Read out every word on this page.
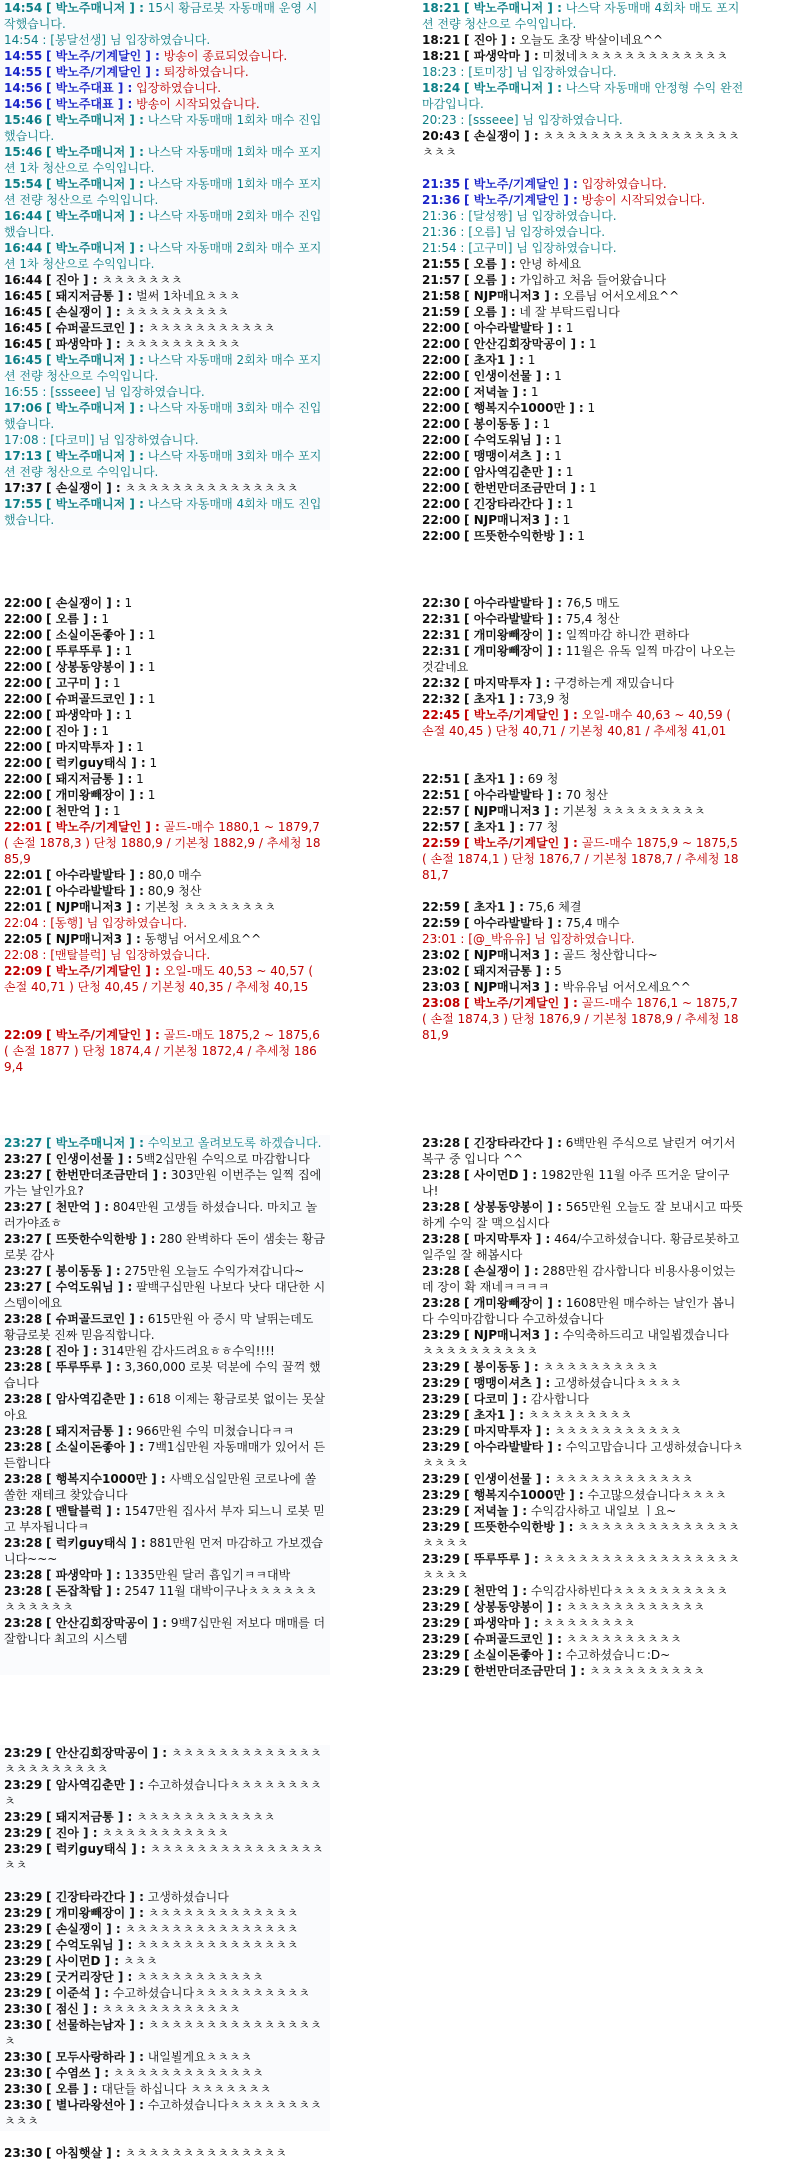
14:54 [ 박노주매니저 ] : 15시 황금로봇 자동매매 운영 시작했습니다.
14:54 : [봉달선생] 님 입장하였습니다.
14:55 [ 박노주/기계달인 ] : 방송이 종료되었습니다.
14:55 [ 박노주/기계달인 ] : 퇴장하였습니다.
14:56 [ 박노주대표 ] : 입장하였습니다.
14:56 [ 박노주대표 ] : 방송이 시작되었습니다.
15:46 [ 박노주매니저 ] : 나스닥 자동매매 1회차 매수 진입했습니다.
15:46 [ 박노주매니저 ] : 나스닥 자동매매 1회차 매수 포지션 1차 청산으로 수익입니다.
15:54 [ 박노주매니저 ] : 나스닥 자동매매 1회차 매수 포지션 전량 청산으로 수익입니다.
16:44 [ 박노주매니저 ] : 나스닥 자동매매 2회차 매수 진입했습니다.
16:44 [ 박노주매니저 ] : 나스닥 자동매매 2회차 매수 포지션 1차 청산으로 수익입니다.
16:44 [ 진아 ] : ㅊㅊㅊㅊㅊㅊㅊ
16:45 [ 돼지저금통 ] : 벌써 1차네요ㅊㅊㅊ
16:45 [ 손실쟁이 ] : ㅊㅊㅊㅊㅊㅊㅊㅊㅊ
16:45 [ 슈퍼골드코인 ] : ㅊㅊㅊㅊㅊㅊㅊㅊㅊㅊㅊ
16:45 [ 파생악마 ] : ㅊㅊㅊㅊㅊㅊㅊㅊㅊㅊ
16:45 [ 박노주매니저 ] : 나스닥 자동매매 2회차 매수 포지션 전량 청산으로 수익입니다.
16:55 : [ssseee] 님 입장하였습니다.
17:06 [ 박노주매니저 ] : 나스닥 자동매매 3회차 매수 진입했습니다.
17:08 : [다코미] 님 입장하였습니다.
17:13 [ 박노주매니저 ] : 나스닥 자동매매 3회차 매수 포지션 전량 청산으로 수익입니다.
17:37 [ 손실쟁이 ] : ㅊㅊㅊㅊㅊㅊㅊㅊㅊㅊㅊㅊㅊㅊㅊ
17:55 [ 박노주매니저 ] : 나스닥 자동매매 4회차 매도 진입했습니다.
18:21 [ 박노주매니저 ] : 나스닥 자동매매 4회차 매도 포지션 전량 청산으로 수익입니다.
18:21 [ 진아 ] : 오늘도 초장 박살이네요^^
18:21 [ 파생악마 ] : 미쳤네ㅊㅊㅊㅊㅊㅊㅊㅊㅊㅊㅊㅊㅊ
18:23 : [토미장] 님 입장하였습니다.
18:24 [ 박노주매니저 ] : 나스닥 자동매매 안정형 수익 완전마감입니다.
20:23 : [ssseee] 님 입장하였습니다.
20:43 [ 손실쟁이 ] : ㅊㅊㅊㅊㅊㅊㅊㅊㅊㅊㅊㅊㅊㅊㅊㅊㅊㅊㅊㅊ
21:35 [ 박노주/기계달인 ] : 입장하였습니다.
21:36 [ 박노주/기계달인 ] : 방송이 시작되었습니다.
21:36 : [달성짱] 님 입장하였습니다.
21:36 : [오름] 님 입장하였습니다.
21:54 : [고구미] 님 입장하였습니다.
21:55 [ 오름 ] : 안녕 하세요
21:57 [ 오름 ] : 가입하고 처음 들어왔습니다
21:58 [ NJP매니저3 ] : 오름님 어서오세요^^
21:59 [ 오름 ] : 네 잘 부탁드립니다
22:00 [ 아수라발발타 ] : 1
22:00 [ 안산김회장막공이 ] : 1
22:00 [ 초자1 ] : 1
22:00 [ 인생이선물 ] : 1
22:00 [ 저녁놀 ] : 1
22:00 [ 행복지수1000만 ] : 1
22:00 [ 봉이동동 ] : 1
22:00 [ 수억도워님 ] : 1
22:00 [ 맹맹이셔츠 ] : 1
22:00 [ 암사역김춘만 ] : 1
22:00 [ 한번만더조금만더 ] : 1
22:00 [ 긴장타라간다 ] : 1
22:00 [ NJP매니저3 ] : 1
22:00 [ 뜨뜻한수익한방 ] : 1
22:00 [ 손실쟁이 ] : 1
22:00 [ 오름 ] : 1
22:00 [ 소실이돈좋아 ] : 1
22:00 [ 뚜루뚜루 ] : 1
22:00 [ 상봉동양봉이 ] : 1
22:00 [ 고구미 ] : 1
22:00 [ 슈퍼골드코인 ] : 1
22:00 [ 파생악마 ] : 1
22:00 [ 진아 ] : 1
22:00 [ 마지막투자 ] : 1
22:00 [ 럭키guy태식 ] : 1
22:00 [ 돼지저금통 ] : 1
22:00 [ 개미왕빼장이 ] : 1
22:00 [ 천만억 ] : 1
22:01 [ 박노주/기계달인 ] : 골드-매수 1880,1 ~ 1879,7 ( 손절 1878,3 ) 단청 1880,9 / 기본청 1882,9 / 추세청 1885,9
22:01 [ 아수라발발타 ] : 80,0 매수
22:01 [ 아수라발발타 ] : 80,9 청산
22:01 [ NJP매니저3 ] : 기본청 ㅊㅊㅊㅊㅊㅊㅊㅊ
22:04 : [동행] 님 입장하였습니다.
22:05 [ NJP매니저3 ] : 동행님 어서오세요^^
22:08 : [맨탈블럭] 님 입장하였습니다.
22:09 [ 박노주/기계달인 ] : 오일-매도 40,53 ~ 40,57 ( 손절 40,71 ) 단청 40,45 / 기본청 40,35 / 추세청 40,15
22:09 [ 박노주/기계달인 ] : 골드-매도 1875,2 ~ 1875,6 ( 손절 1877 ) 단청 1874,4 / 기본청 1872,4 / 추세청 1869,4
22:30 [ 아수라발발타 ] : 76,5 매도
22:31 [ 아수라발발타 ] : 75,4 청산
22:31 [ 개미왕빼장이 ] : 일찍마감 하니깐 편하다
22:31 [ 개미왕빼장이 ] : 11월은 유독 일찍 마감이 나오는것같네요
22:32 [ 마지막투자 ] : 구경하는게 재밌습니다
22:32 [ 초자1 ] : 73,9 청
22:45 [ 박노주/기계달인 ] : 오일-매수 40,63 ~ 40,59 ( 손절 40,45 ) 단청 40,71 / 기본청 40,81 / 추세청 41,01
22:51 [ 초자1 ] : 69 청
22:51 [ 아수라발발타 ] : 70 청산
22:57 [ NJP매니저3 ] : 기본청 ㅊㅊㅊㅊㅊㅊㅊㅊㅊ
22:57 [ 초자1 ] : 77 청
22:59 [ 박노주/기계달인 ] : 골드-매수 1875,9 ~ 1875,5 ( 손절 1874,1 ) 단청 1876,7 / 기본청 1878,7 / 추세청 1881,7
22:59 [ 초자1 ] : 75,6 체결
22:59 [ 아수라발발타 ] : 75,4 매수
23:01 : [@_박유유] 님 입장하였습니다.
23:02 [ NJP매니저3 ] : 골드 청산합니다~
23:02 [ 돼지저금통 ] : 5
23:03 [ NJP매니저3 ] : 박유유님 어서오세요^^
23:08 [ 박노주/기계달인 ] : 골드-매수 1876,1 ~ 1875,7 ( 손절 1874,3 ) 단청 1876,9 / 기본청 1878,9 / 추세청 1881,9
23:27 [ 박노주매니저 ] : 수익보고 올려보도록 하겠습니다.
23:27 [ 인생이선물 ] : 5백2십만원 수익으로 마감합니다
23:27 [ 한번만더조금만더 ] : 303만원 이번주는 일찍 집에가는 날인가요?
23:27 [ 천만억 ] : 804만원 고생들 하셨습니다. 마치고 놀러가야죠ㅎ
23:27 [ 뜨뜻한수익한방 ] : 280 완벽하다 돈이 샘솟는 황금로봇 감사
23:27 [ 봉이동동 ] : 275만원 오늘도 수익가져갑니다~
23:27 [ 수억도워님 ] : 팔백구십만원 나보다 낫다 대단한 시스템이에요
23:28 [ 슈퍼골드코인 ] : 615만원 아 증시 막 날뛰는데도 황금로봇 진짜 믿음직합니다.
23:28 [ 진아 ] : 314만원 감사드려요ㅎㅎ수익!!!!
23:28 [ 뚜루뚜루 ] : 3,360,000 로봇 덕분에 수익 꿀꺽 했습니다
23:28 [ 암사역김춘만 ] : 618 이제는 황금로봇 없이는 못살아요
23:28 [ 돼지저금통 ] : 966만원 수익 미쳤습니다ㅋㅋ
23:28 [ 소실이돈좋아 ] : 7백1십만원 자동매매가 있어서 든든합니다
23:28 [ 행복지수1000만 ] : 사백오십일만원 코로나에 쏠쏠한 재테크 찾았습니다
23:28 [ 맨탈블럭 ] : 1547만원 집사서 부자 되느니 로봇 믿고 부자됩니다ㅋ
23:28 [ 럭키guy태식 ] : 881만원 먼저 마감하고 가보겠습니다~~~
23:28 [ 파생악마 ] : 1335만원 달러 흡입기ㅋㅋ대박
23:28 [ 돈잡착탑 ] : 2547 11월 대박이구나ㅊㅊㅊㅊㅊㅊㅊㅊㅊㅊㅊㅊ
23:28 [ 안산김회장막공이 ] : 9백7십만원 저보다 매매를 더 잘합니다 최고의 시스템
23:28 [ 긴장타라간다 ] : 6백만원 주식으로 날린거 여기서 복구 중 입니다 ^^
23:28 [ 사이먼D ] : 1982만원 11월 아주 뜨거운 달이구나!
23:28 [ 상봉동양봉이 ] : 565만원 오늘도 잘 보내시고 따뜻하게 수익 잘 맥으십시다
23:28 [ 마지막투자 ] : 464/수고하셨습니다. 황금로봇하고 일주일 잘 해봅시다
23:28 [ 손실쟁이 ] : 288만원 감사합니다 비용사용이었는데 장이 확 재네ㅋㅋㅋㅋ
23:28 [ 개미왕빼장이 ] : 1608만원 매수하는 날인가 봅니다 수익마감합니다 수고하셨습니다
23:29 [ NJP매니저3 ] : 수익축하드리고 내일뵙겠습니다 ㅊㅊㅊㅊㅊㅊㅊㅊㅊㅊ
23:29 [ 봉이동동 ] : ㅊㅊㅊㅊㅊㅊㅊㅊㅊㅊ
23:29 [ 맹맹이셔츠 ] : 고생하셨습니다ㅊㅊㅊㅊ
23:29 [ 다코미 ] : 감사합니다
23:29 [ 초자1 ] : ㅊㅊㅊㅊㅊㅊㅊㅊㅊ
23:29 [ 마지막투자 ] : ㅊㅊㅊㅊㅊㅊㅊㅊㅊㅊㅊ
23:29 [ 아수라발발타 ] : 수익고맙습니다 고생하셨습니다ㅊㅊㅊㅊㅊ
23:29 [ 인생이선물 ] : ㅊㅊㅊㅊㅊㅊㅊㅊㅊㅊㅊㅊ
23:29 [ 행복지수1000만 ] : 수고많으셨습니다ㅊㅊㅊㅊ
23:29 [ 저녁놀 ] : 수익감사하고 내일보 ㅣ요~
23:29 [ 뜨뜻한수익한방 ] : ㅊㅊㅊㅊㅊㅊㅊㅊㅊㅊㅊㅊㅊㅊㅊㅊㅊㅊ
23:29 [ 뚜루뚜루 ] : ㅊㅊㅊㅊㅊㅊㅊㅊㅊㅊㅊㅊㅊㅊㅊㅊㅊㅊㅊㅊㅊ
23:29 [ 천만억 ] : 수익감사하빈다ㅊㅊㅊㅊㅊㅊㅊㅊㅊㅊ
23:29 [ 상봉동양봉이 ] : ㅊㅊㅊㅊㅊㅊㅊㅊㅊㅊㅊㅊ
23:29 [ 파생악마 ] : ㅊㅊㅊㅊㅊㅊㅊㅊ
23:29 [ 슈퍼골드코인 ] : ㅊㅊㅊㅊㅊㅊㅊㅊㅊㅊ
23:29 [ 소실이돈좋아 ] : 수고하셨습니ㄷ:D~
23:29 [ 한번만더조금만더 ] : ㅊㅊㅊㅊㅊㅊㅊㅊㅊㅊ
23:29 [ 안산김회장막공이 ] : ㅊㅊㅊㅊㅊㅊㅊㅊㅊㅊㅊㅊㅊㅊㅊㅊㅊㅊㅊㅊㅊㅊ
23:29 [ 암사역김춘만 ] : 수고하셨습니다ㅊㅊㅊㅊㅊㅊㅊㅊㅊ
23:29 [ 돼지저금통 ] : ㅊㅊㅊㅊㅊㅊㅊㅊㅊㅊㅊㅊ
23:29 [ 진아 ] : ㅊㅊㅊㅊㅊㅊㅊㅊㅊㅊㅊ
23:29 [ 럭키guy태식 ] : ㅊㅊㅊㅊㅊㅊㅊㅊㅊㅊㅊㅊㅊㅊㅊㅊㅊ
23:29 [ 긴장타라간다 ] : 고생하셨습니다
23:29 [ 개미왕빼장이 ] : ㅊㅊㅊㅊㅊㅊㅊㅊㅊㅊㅊㅊㅊ
23:29 [ 손실쟁이 ] : ㅊㅊㅊㅊㅊㅊㅊㅊㅊㅊㅊㅊㅊㅊㅊ
23:29 [ 수억도워님 ] : ㅊㅊㅊㅊㅊㅊㅊㅊㅊㅊㅊㅊㅊㅊ
23:29 [ 사이먼D ] : ㅊㅊㅊ
23:29 [ 굿거리장단 ] : ㅊㅊㅊㅊㅊㅊㅊㅊㅊㅊㅊ
23:29 [ 이준석 ] : 수고하셨습니다ㅊㅊㅊㅊㅊㅊㅊㅊㅊㅊ
23:30 [ 점신 ] : ㅊㅊㅊㅊㅊㅊㅊㅊㅊㅊㅊㅊ
23:30 [ 선물하는남자 ] : ㅊㅊㅊㅊㅊㅊㅊㅊㅊㅊㅊㅊㅊㅊㅊㅊ
23:30 [ 모두사랑하라 ] : 내일뵐게요ㅊㅊㅊㅊ
23:30 [ 수염쓰 ] : ㅊㅊㅊㅊㅊㅊㅊㅊㅊㅊㅊㅊㅊ
23:30 [ 오름 ] : 대단들 하십니다 ㅊㅊㅊㅊㅊㅊㅊ
23:30 [ 별나라왕선아 ] : 수고하셨습니다ㅊㅊㅊㅊㅊㅊㅊㅊㅊㅊㅊ
23:30 [ 아침햇살 ] : ㅊㅊㅊㅊㅊㅊㅊㅊㅊㅊㅊㅊㅊㅊ
